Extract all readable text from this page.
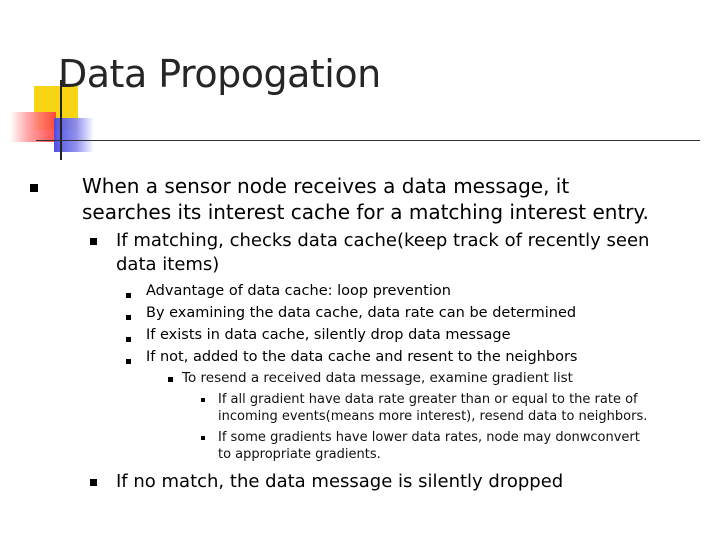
Data Propogation
When a sensor node receives a data message, it
searches its interest cache for a matching interest entry.
If matching, checks data cache(keep track of recently seen
data items)
Advantage of data cache: loop prevention
By examining the data cache, data rate can be determined
If exists in data cache, silently drop data message
If not, added to the data cache and resent to the neighbors
To resend a received data message, examine gradient list
If all gradient have data rate greater than or equal to the rate of
incoming events(means more interest), resend data to neighbors.
If some gradients have lower data rates, node may donwconvert
to appropriate gradients.
If no match, the data message is silently dropped
